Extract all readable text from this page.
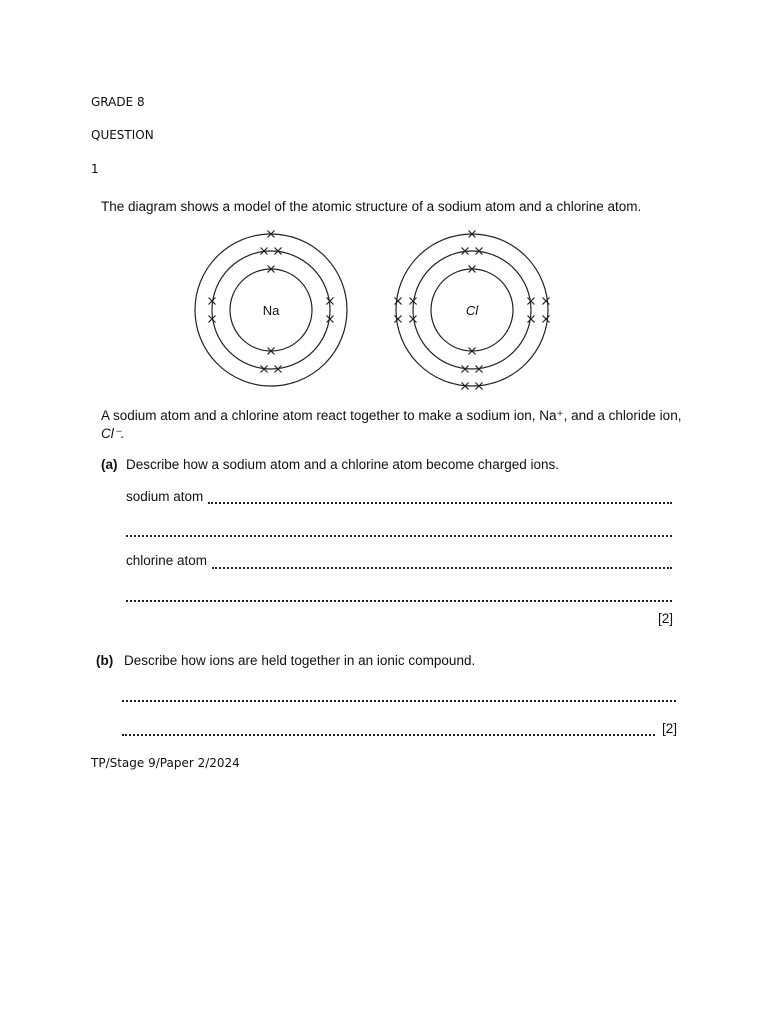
GRADE 8
QUESTION
1
The diagram shows a model of the atomic structure of a sodium atom and a chlorine atom.
Na	Cl
A sodium atom and a chlorine atom react together to make a sodium ion, Na⁺, and a chloride ion,
Cl⁻.
(a) Describe how a sodium atom and a chlorine atom become charged ions.
sodium atom
chlorine atom
[2]
(b) Describe how ions are held together in an ionic compound.
[2]
TP/Stage 9/Paper 2/2024
